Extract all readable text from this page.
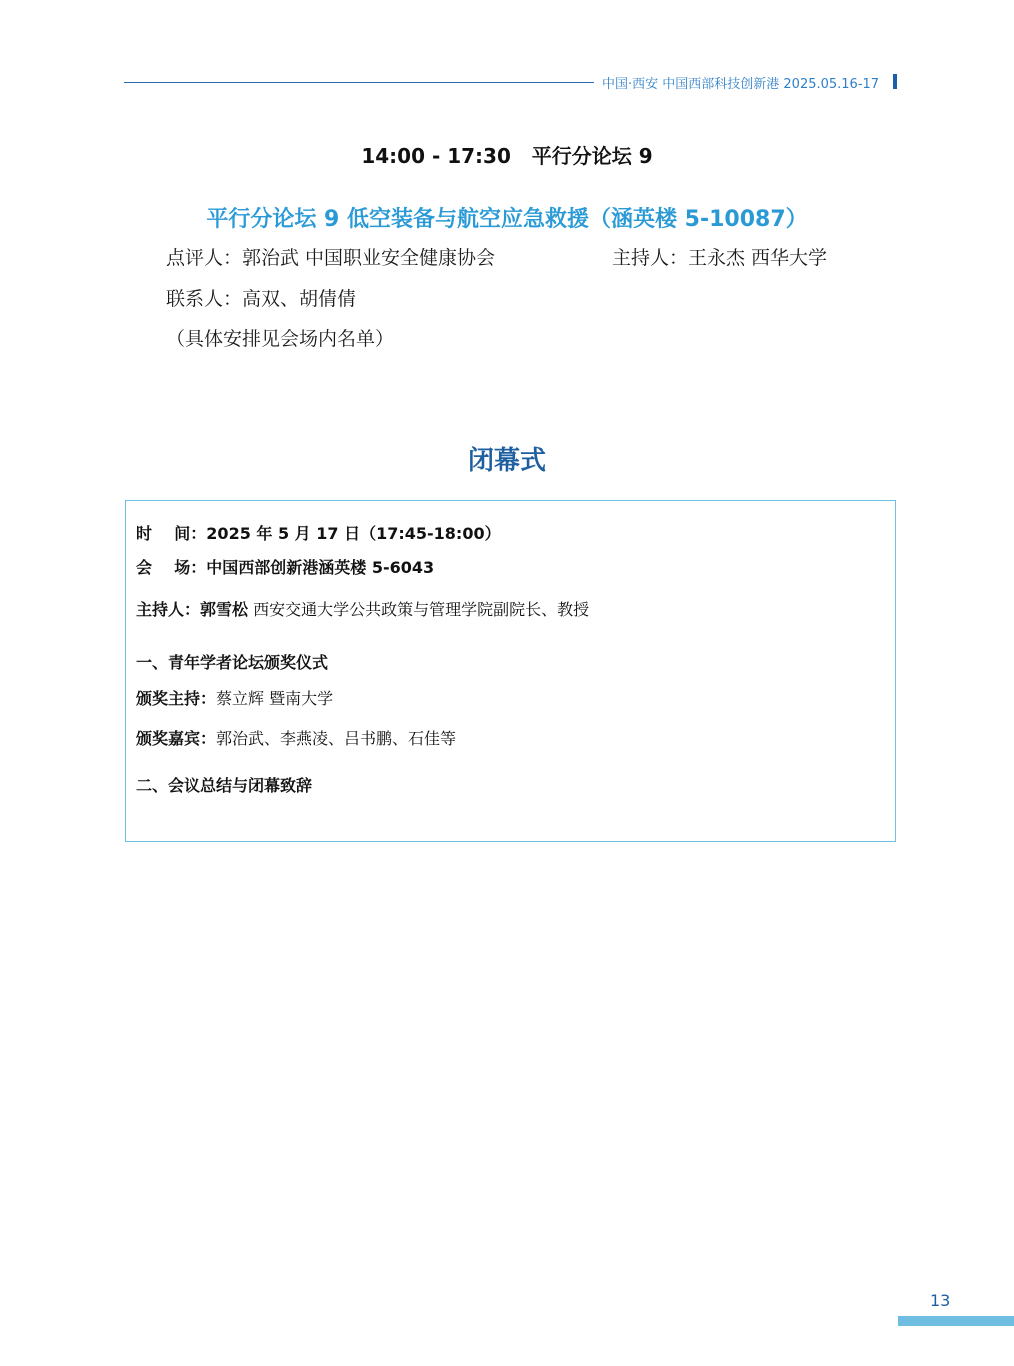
中国·西安 中国西部科技创新港 2025.05.16-17
14:00 - 17:30   平行分论坛 9
平行分论坛 9 低空装备与航空应急救援（涵英楼 5-10087）
点评人：郭治武 中国职业安全健康协会	主持人：王永杰 西华大学
联系人：高双、胡倩倩
（具体安排见会场内名单）
闭幕式
时    间：2025 年 5 月 17 日（17:45-18:00）
会    场：中国西部创新港涵英楼 5-6043
主持人：郭雪松 西安交通大学公共政策与管理学院副院长、教授
一、青年学者论坛颁奖仪式
颁奖主持：蔡立辉 暨南大学
颁奖嘉宾：郭治武、李燕凌、吕书鹏、石佳等
二、会议总结与闭幕致辞
13
